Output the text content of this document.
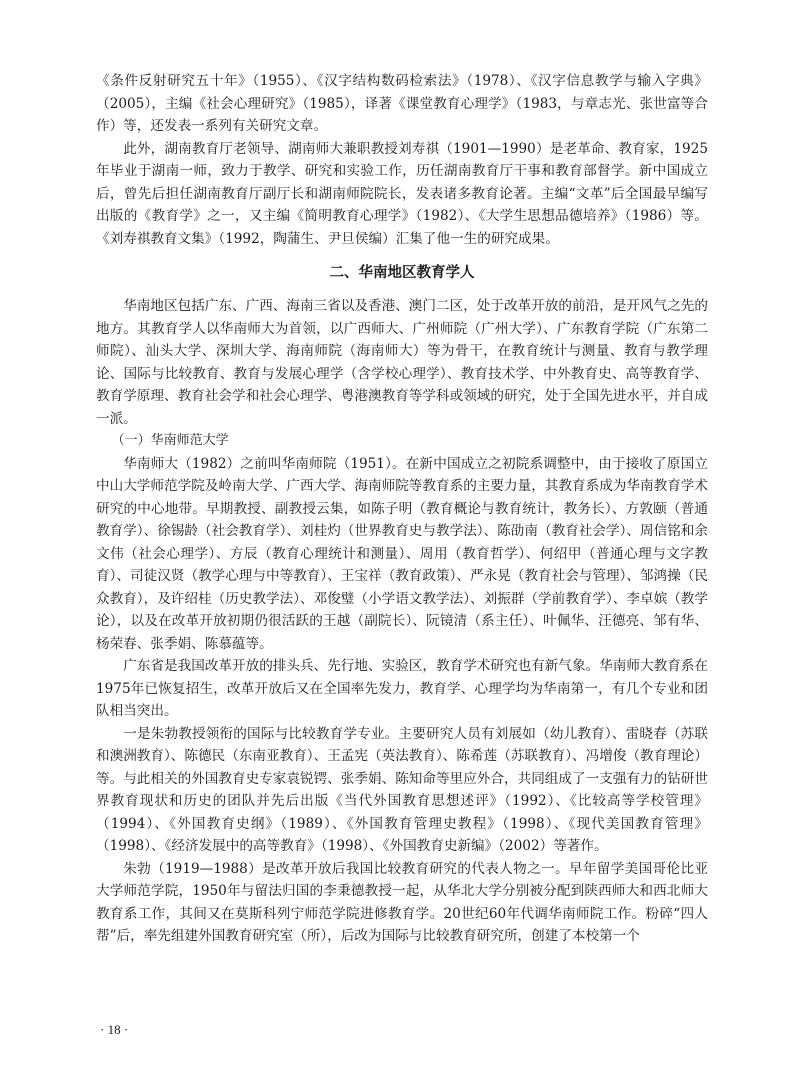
《条件反射研究五十年》（1955）、《汉字结构数码检索法》（1978）、《汉字信息教学与输入字典》（2005），主编《社会心理研究》（1985），译著《课堂教育心理学》（1983，与章志光、张世富等合作）等，还发表一系列有关研究文章。

此外，湖南教育厅老领导、湖南师大兼职教授刘寿祺（1901—1990）是老革命、教育家，1925年毕业于湖南一师，致力于教学、研究和实验工作，历任湖南教育厅干事和教育部督学。新中国成立后，曾先后担任湖南教育厅副厅长和湖南师院院长，发表诸多教育论著。主编“文革”后全国最早编写出版的《教育学》之一，又主编《简明教育心理学》（1982）、《大学生思想品德培养》（1986）等。《刘寿祺教育文集》（1992，陶蒲生、尹旦侯编）汇集了他一生的研究成果。

二、华南地区教育学人

华南地区包括广东、广西、海南三省以及香港、澳门二区，处于改革开放的前沿，是开风气之先的地方。其教育学人以华南师大为首领，以广西师大、广州师院（广州大学）、广东教育学院（广东第二师院）、汕头大学、深圳大学、海南师院（海南师大）等为骨干，在教育统计与测量、教育与教学理论、国际与比较教育、教育与发展心理学（含学校心理学）、教育技术学、中外教育史、高等教育学、教育学原理、教育社会学和社会心理学、粤港澳教育等学科或领域的研究，处于全国先进水平，并自成一派。

（一）华南师范大学

华南师大（1982）之前叫华南师院（1951）。在新中国成立之初院系调整中，由于接收了原国立中山大学师范学院及岭南大学、广西大学、海南师院等教育系的主要力量，其教育系成为华南教育学术研究的中心地带。早期教授、副教授云集，如陈子明（教育概论与教育统计，教务长）、方敦颐（普通教育学）、徐锡龄（社会教育学）、刘桂灼（世界教育史与教学法）、陈劭南（教育社会学）、周信铭和余文伟（社会心理学）、方辰（教育心理统计和测量）、周用（教育哲学）、何绍甲（普通心理与文字教育）、司徒汉贤（教学心理与中等教育）、王宝祥（教育政策）、严永晃（教育社会与管理）、邹鸿操（民众教育），及许绍桂（历史教学法）、邓俊璧（小学语文教学法）、刘振群（学前教育学）、李卓嫔（教学论），以及在改革开放初期仍很活跃的王越（副院长）、阮镜清（系主任）、叶佩华、汪德亮、邹有华、杨荣春、张季娟、陈慕蕴等。

广东省是我国改革开放的排头兵、先行地、实验区，教育学术研究也有新气象。华南师大教育系在1975年已恢复招生，改革开放后又在全国率先发力，教育学、心理学均为华南第一，有几个专业和团队相当突出。

一是朱勃教授领衔的国际与比较教育学专业。主要研究人员有刘展如（幼儿教育）、雷晓春（苏联和澳洲教育）、陈德民（东南亚教育）、王孟宪（英法教育）、陈希莲（苏联教育）、冯增俊（教育理论）等。与此相关的外国教育史专家袁锐锷、张季娟、陈知命等里应外合，共同组成了一支强有力的钻研世界教育现状和历史的团队并先后出版《当代外国教育思想述评》（1992）、《比较高等学校管理》（1994）、《外国教育史纲》（1989）、《外国教育管理史教程》（1998）、《现代美国教育管理》（1998）、《经济发展中的高等教育》（1998）、《外国教育史新编》（2002）等著作。

朱勃（1919—1988）是改革开放后我国比较教育研究的代表人物之一。早年留学美国哥伦比亚大学师范学院，1950年与留法归国的李秉德教授一起，从华北大学分别被分配到陕西师大和西北师大教育系工作，其间又在莫斯科列宁师范学院进修教育学。20世纪60年代调华南师院工作。粉碎“四人帮”后，率先组建外国教育研究室（所），后改为国际与比较教育研究所，创建了本校第一个

· 18 ·
